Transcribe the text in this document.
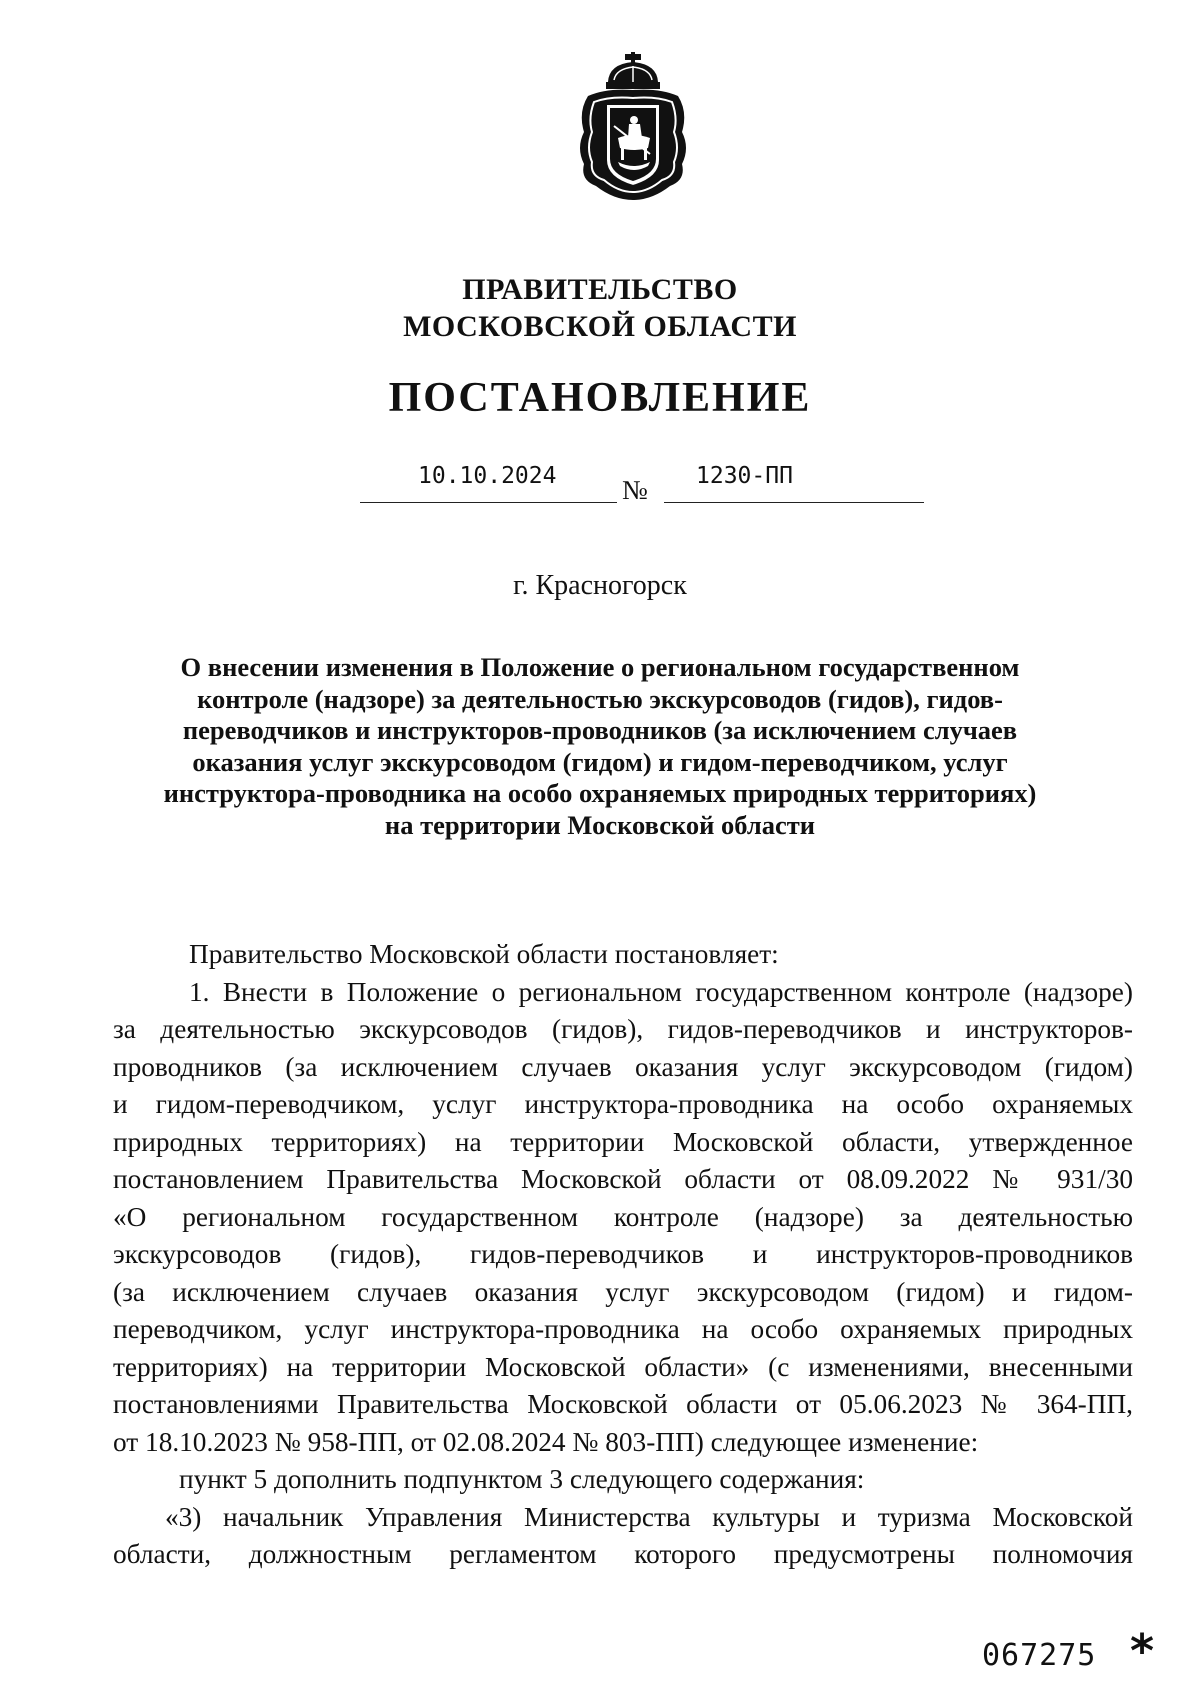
ПРАВИТЕЛЬСТВО
МОСКОВСКОЙ ОБЛАСТИ
ПОСТАНОВЛЕНИЕ
10.10.2024 № 1230-ПП
г. Красногорск
О внесении изменения в Положение о региональном государственном
контроле (надзоре) за деятельностью экскурсоводов (гидов), гидов-
переводчиков и инструкторов-проводников (за исключением случаев
оказания услуг экскурсоводом (гидом) и гидом-переводчиком, услуг
инструктора-проводника на особо охраняемых природных территориях)
на территории Московской области
Правительство Московской области постановляет:
1. Внести в Положение о региональном государственном контроле (надзоре)
за деятельностью экскурсоводов (гидов), гидов-переводчиков и инструкторов-
проводников (за исключением случаев оказания услуг экскурсоводом (гидом)
и гидом-переводчиком, услуг инструктора-проводника на особо охраняемых
природных территориях) на территории Московской области, утвержденное
постановлением Правительства Московской области от 08.09.2022 № 931/30
«О региональном государственном контроле (надзоре) за деятельностью
экскурсоводов (гидов), гидов-переводчиков и инструкторов-проводников
(за исключением случаев оказания услуг экскурсоводом (гидом) и гидом-
переводчиком, услуг инструктора-проводника на особо охраняемых природных
территориях) на территории Московской области» (с изменениями, внесенными
постановлениями Правительства Московской области от 05.06.2023 № 364-ПП,
от 18.10.2023 № 958-ПП, от 02.08.2024 № 803-ПП) следующее изменение:
пункт 5 дополнить подпунктом 3 следующего содержания:
«3) начальник Управления Министерства культуры и туризма Московской
области, должностным регламентом которого предусмотрены полномочия
067275 *
